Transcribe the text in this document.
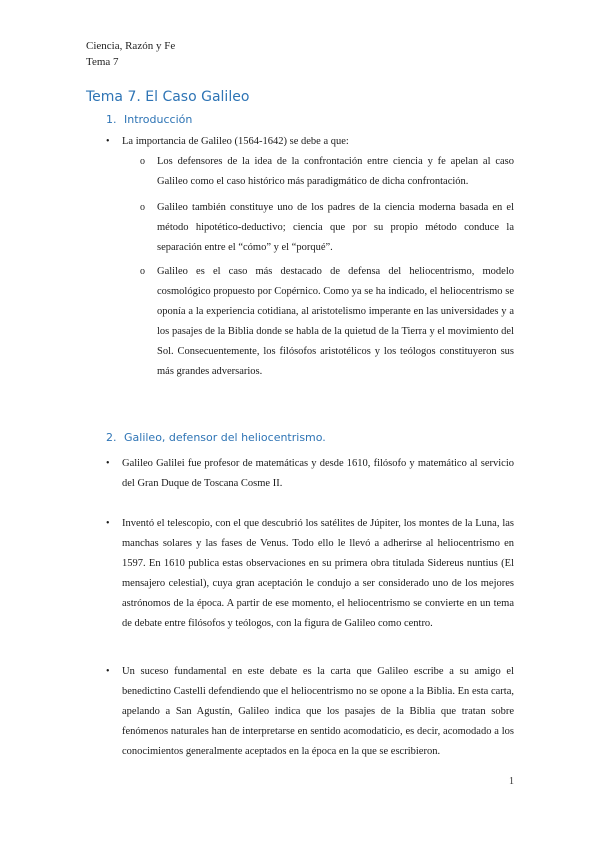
Ciencia, Razón y Fe
Tema 7
Tema 7. El Caso Galileo
1. Introducción
• La importancia de Galileo (1564-1642) se debe a que:
o Los defensores de la idea de la confrontación entre ciencia y fe apelan al caso Galileo como el caso histórico más paradigmático de dicha confrontación.
o Galileo también constituye uno de los padres de la ciencia moderna basada en el método hipotético-deductivo; ciencia que por su propio método conduce la separación entre el “cómo” y el “porqué”.
o Galileo es el caso más destacado de defensa del heliocentrismo, modelo cosmológico propuesto por Copérnico. Como ya se ha indicado, el heliocentrismo se oponía a la experiencia cotidiana, al aristotelismo imperante en las universidades y a los pasajes de la Biblia donde se habla de la quietud de la Tierra y el movimiento del Sol. Consecuentemente, los filósofos aristotélicos y los teólogos constituyeron sus más grandes adversarios.
2. Galileo, defensor del heliocentrismo.
• Galileo Galilei fue profesor de matemáticas y desde 1610, filósofo y matemático al servicio del Gran Duque de Toscana Cosme II.
• Inventó el telescopio, con el que descubrió los satélites de Júpiter, los montes de la Luna, las manchas solares y las fases de Venus. Todo ello le llevó a adherirse al heliocentrismo en 1597. En 1610 publica estas observaciones en su primera obra titulada Sidereus nuntius (El mensajero celestial), cuya gran aceptación le condujo a ser considerado uno de los mejores astrónomos de la época. A partir de ese momento, el heliocentrismo se convierte en un tema de debate entre filósofos y teólogos, con la figura de Galileo como centro.
• Un suceso fundamental en este debate es la carta que Galileo escribe a su amigo el benedictino Castelli defendiendo que el heliocentrismo no se opone a la Biblia. En esta carta, apelando a San Agustín, Galileo indica que los pasajes de la Biblia que tratan sobre fenómenos naturales han de interpretarse en sentido acomodaticio, es decir, acomodado a los conocimientos generalmente aceptados en la época en la que se escribieron.
1
